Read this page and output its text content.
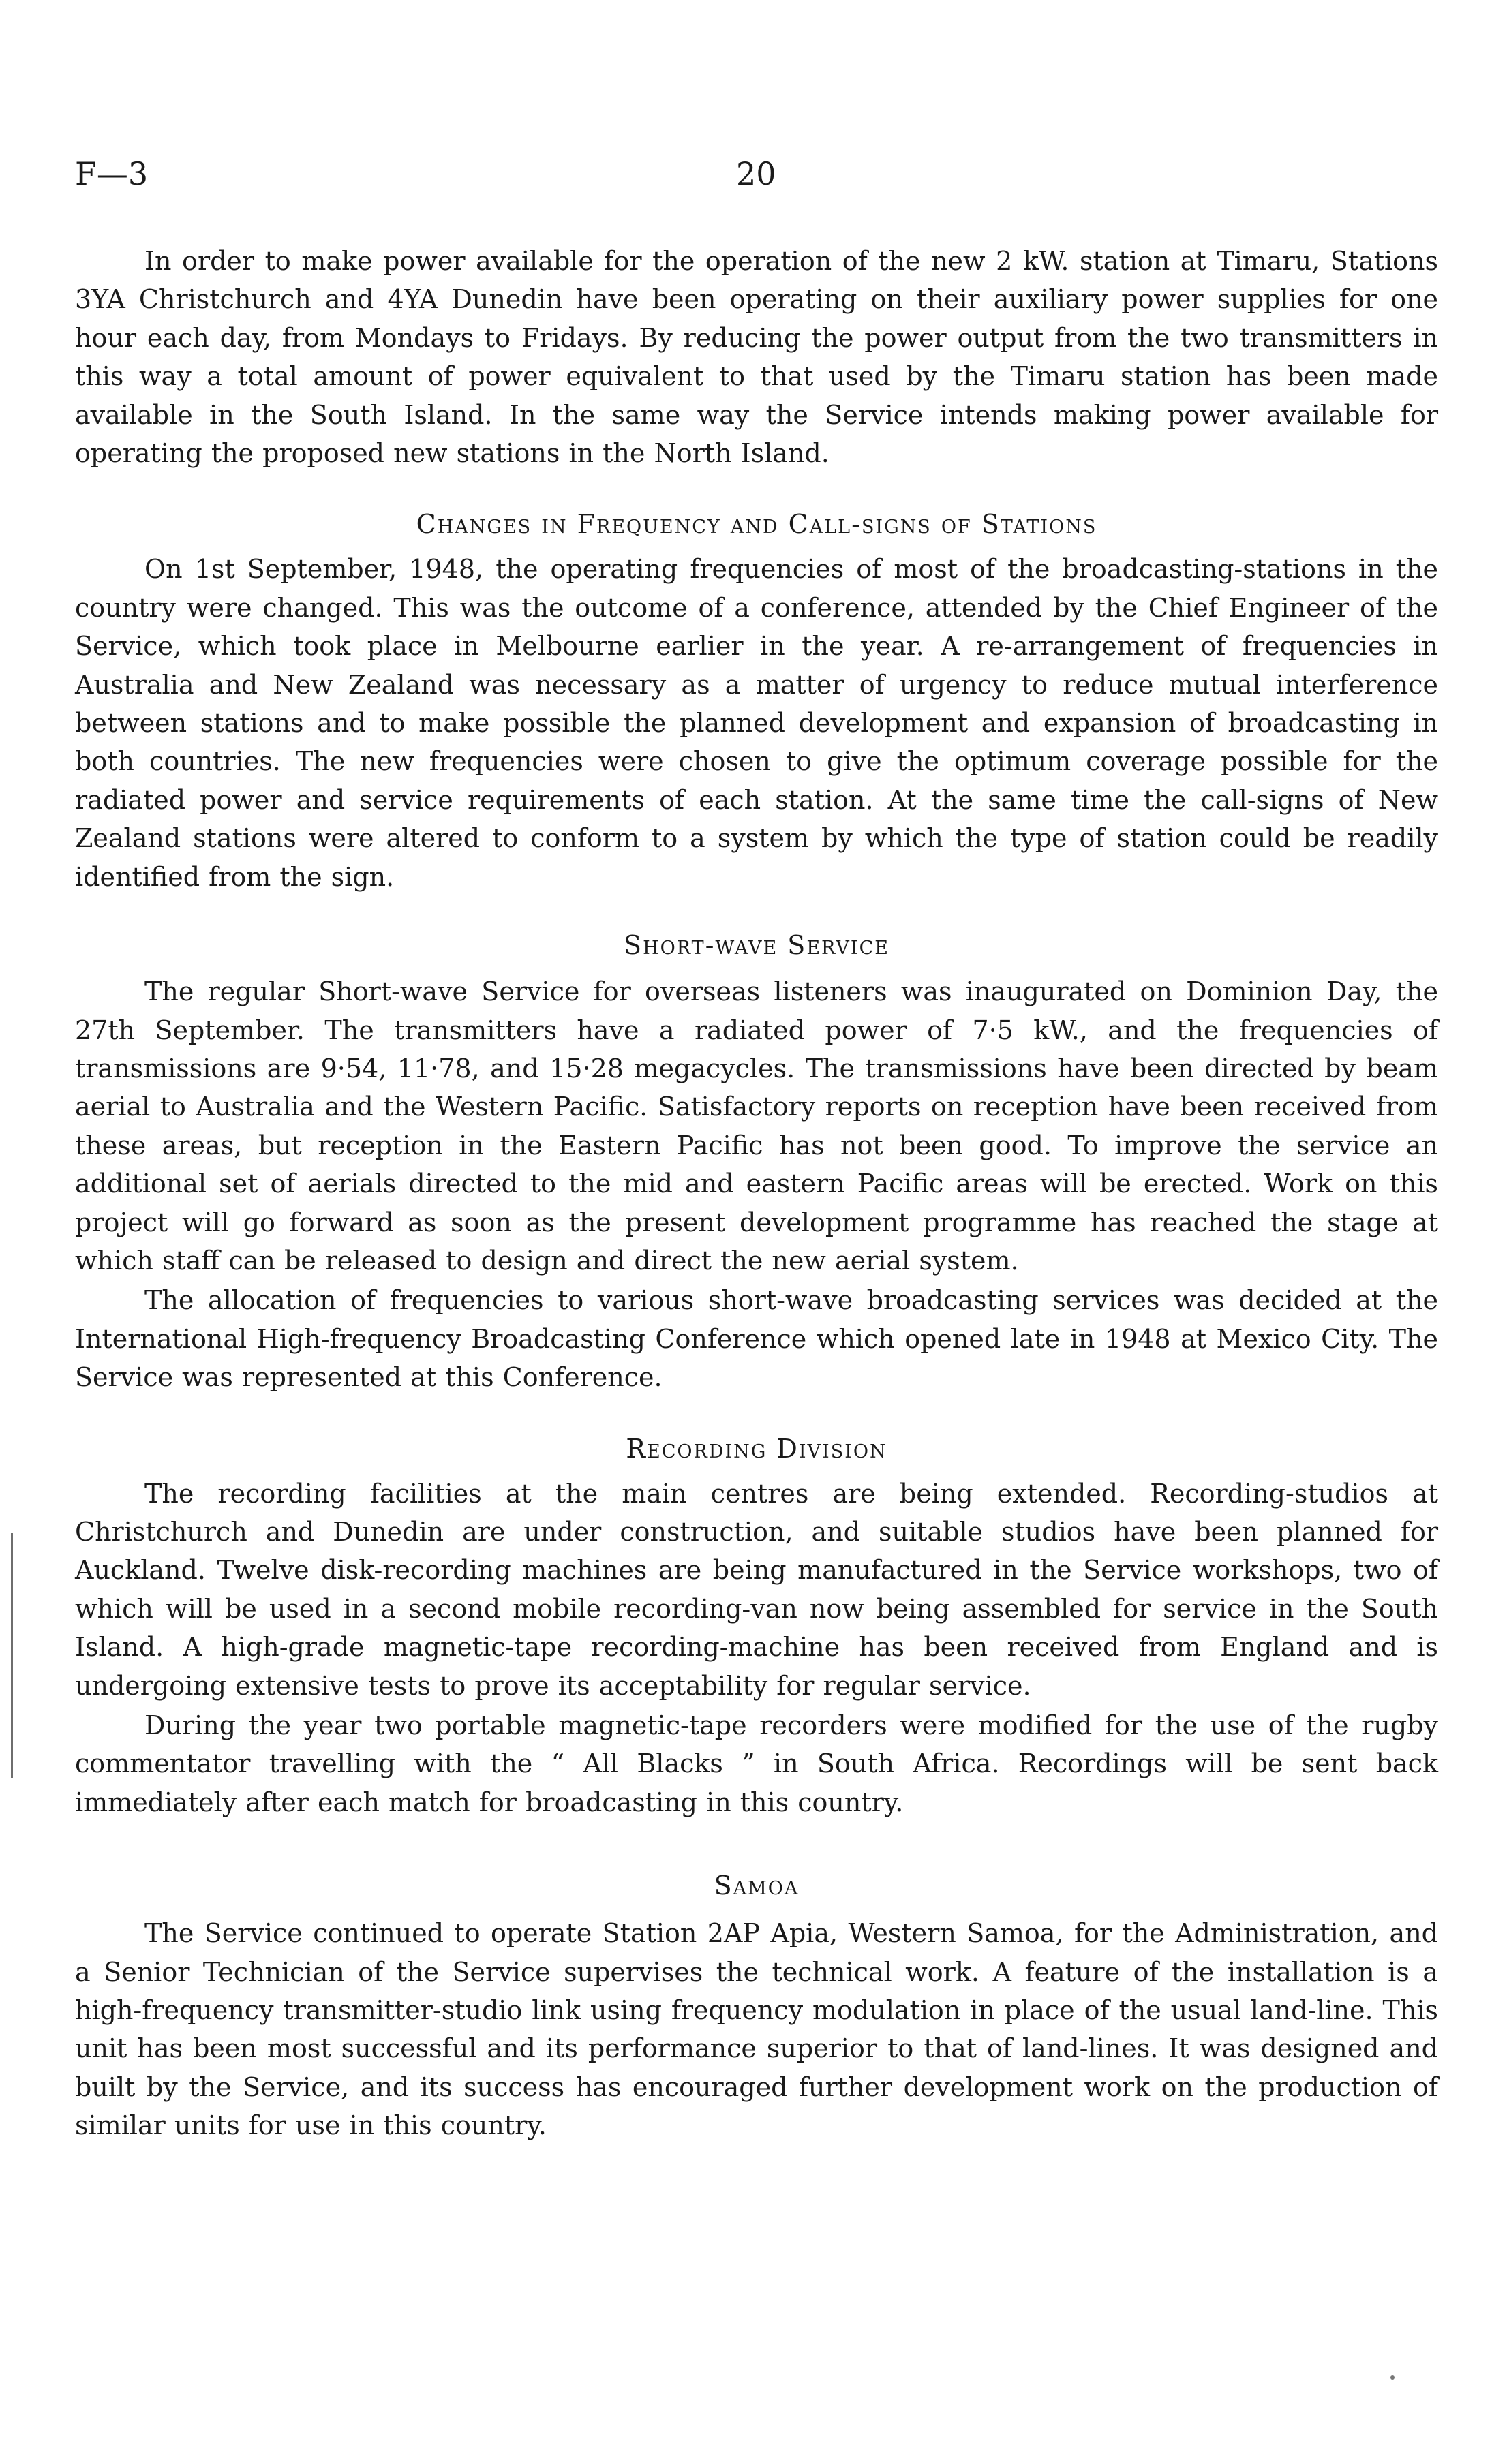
F—3	20

In order to make power available for the operation of the new 2 kW. station at Timaru, Stations 3YA Christchurch and 4YA Dunedin have been operating on their auxiliary power supplies for one hour each day, from Mondays to Fridays. By reducing the power output from the two transmitters in this way a total amount of power equivalent to that used by the Timaru station has been made available in the South Island. In the same way the Service intends making power available for operating the proposed new stations in the North Island.

Changes in Frequency and Call-signs of Stations

On 1st September, 1948, the operating frequencies of most of the broadcasting-stations in the country were changed. This was the outcome of a conference, attended by the Chief Engineer of the Service, which took place in Melbourne earlier in the year. A re-arrangement of frequencies in Australia and New Zealand was necessary as a matter of urgency to reduce mutual interference between stations and to make possible the planned development and expansion of broadcasting in both countries. The new frequencies were chosen to give the optimum coverage possible for the radiated power and service requirements of each station. At the same time the call-signs of New Zealand stations were altered to conform to a system by which the type of station could be readily identified from the sign.

Short-wave Service

The regular Short-wave Service for overseas listeners was inaugurated on Dominion Day, the 27th September. The transmitters have a radiated power of 7·5 kW., and the frequencies of transmissions are 9·54, 11·78, and 15·28 megacycles. The transmissions have been directed by beam aerial to Australia and the Western Pacific. Satisfactory reports on reception have been received from these areas, but reception in the Eastern Pacific has not been good. To improve the service an additional set of aerials directed to the mid and eastern Pacific areas will be erected. Work on this project will go forward as soon as the present development programme has reached the stage at which staff can be released to design and direct the new aerial system.

The allocation of frequencies to various short-wave broadcasting services was decided at the International High-frequency Broadcasting Conference which opened late in 1948 at Mexico City. The Service was represented at this Conference.

Recording Division

The recording facilities at the main centres are being extended. Recording-studios at Christchurch and Dunedin are under construction, and suitable studios have been planned for Auckland. Twelve disk-recording machines are being manufactured in the Service workshops, two of which will be used in a second mobile recording-van now being assembled for service in the South Island. A high-grade magnetic-tape recording-machine has been received from England and is undergoing extensive tests to prove its acceptability for regular service.

During the year two portable magnetic-tape recorders were modified for the use of the rugby commentator travelling with the “ All Blacks ” in South Africa. Recordings will be sent back immediately after each match for broadcasting in this country.

Samoa

The Service continued to operate Station 2AP Apia, Western Samoa, for the Administration, and a Senior Technician of the Service supervises the technical work. A feature of the installation is a high-frequency transmitter-studio link using frequency modulation in place of the usual land-line. This unit has been most successful and its performance superior to that of land-lines. It was designed and built by the Service, and its success has encouraged further development work on the production of similar units for use in this country.
